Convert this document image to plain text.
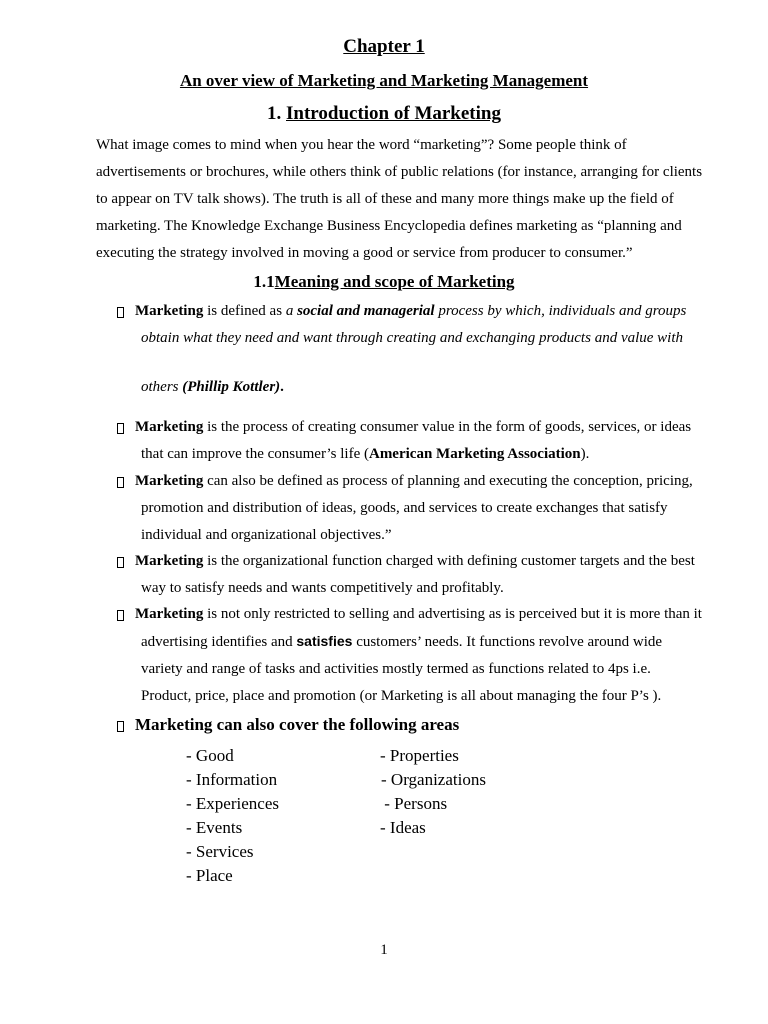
Chapter 1
An over view of Marketing and Marketing Management
1. Introduction of Marketing
What image comes to mind when you hear the word “marketing”? Some people think of
advertisements or brochures, while others think of public relations (for instance, arranging for clients
to appear on TV talk shows). The truth is all of these and many more things make up the field of
marketing. The Knowledge Exchange Business Encyclopedia defines marketing as “planning and
executing the strategy involved in moving a good or service from producer to consumer.”
1.1Meaning and scope of Marketing
Marketing is defined as a social and managerial process by which, individuals and groups
obtain what they need and want through creating and exchanging products and value with
others (Phillip Kottler).
Marketing is the process of creating consumer value in the form of goods, services, or ideas
that can improve the consumer’s life (American Marketing Association).
Marketing can also be defined as process of planning and executing the conception, pricing,
promotion and distribution of ideas, goods, and services to create exchanges that satisfy
individual and organizational objectives.”
Marketing is the organizational function charged with defining customer targets and the best
way to satisfy needs and wants competitively and profitably.
Marketing is not only restricted to selling and advertising as is perceived but it is more than it
advertising identifies and satisfies customers’ needs. It functions revolve around wide
variety and range of tasks and activities mostly termed as functions related to 4ps i.e.
Product, price, place and promotion (or Marketing is all about managing the four P’s ).
Marketing can also cover the following areas
- Good
- Information
- Experiences
- Events
- Services
- Place
- Properties
- Organizations
- Persons
- Ideas
1
